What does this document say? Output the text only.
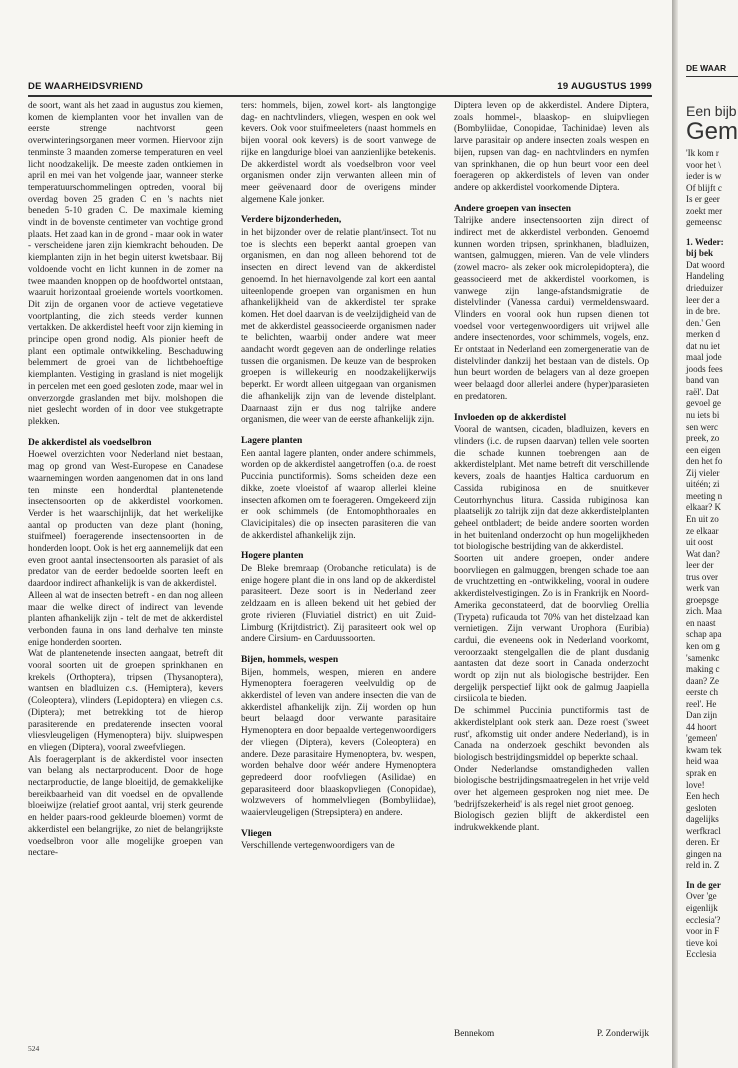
DE WAARHEIDSVRIEND	19 AUGUSTUS 1999

de soort, want als het zaad in augustus zou kiemen, komen de kiemplanten voor het invallen van de eerste strenge nachtvorst geen overwinteringsorganen meer vormen. Hiervoor zijn tenminste 3 maanden zomerse temperaturen en veel licht noodzakelijk. De meeste zaden ontkiemen in april en mei van het volgende jaar, wanneer sterke temperatuurschommelingen optreden, vooral bij overdag boven 25 graden C en 's nachts niet beneden 5-10 graden C. De maximale kieming vindt in de bovenste centimeter van vochtige grond plaats. Het zaad kan in de grond - maar ook in water - verscheidene jaren zijn kiemkracht behouden. De kiemplanten zijn in het begin uiterst kwetsbaar. Bij voldoende vocht en licht kunnen in de zomer na twee maanden knoppen op de hoofdwortel ontstaan, waaruit horizontaal groeiende wortels voortkomen. Dit zijn de organen voor de actieve vegetatieve voortplanting, die zich steeds verder kunnen vertakken. De akkerdistel heeft voor zijn kieming in principe open grond nodig. Als pionier heeft de plant een optimale ontwikkeling. Beschaduwing belemmert de groei van de lichtbehoeftige kiemplanten. Vestiging in grasland is niet mogelijk in percelen met een goed gesloten zode, maar wel in onverzorgde graslanden met bijv. molshopen die niet geslecht worden of in door vee stukgetrapte plekken.

De akkerdistel als voedselbron

Hoewel overzichten voor Nederland niet bestaan, mag op grond van West-Europese en Canadese waarnemingen worden aangenomen dat in ons land ten minste een honderdtal plantenetende insectensoorten op de akkerdistel voorkomen. Verder is het waarschijnlijk, dat het werkelijke aantal op producten van deze plant (honing, stuifmeel) foeragerende insectensoorten in de honderden loopt. Ook is het erg aannemelijk dat een even groot aantal insectensoorten als parasiet of als predator van de eerder bedoelde soorten leeft en daardoor indirect afhankelijk is van de akkerdistel.

Alleen al wat de insecten betreft - en dan nog alleen maar die welke direct of indirect van levende planten afhankelijk zijn - telt de met de akkerdistel verbonden fauna in ons land derhalve ten minste enige honderden soorten.

Wat de plantenetende insecten aangaat, betreft dit vooral soorten uit de groepen sprinkhanen en krekels (Orthoptera), tripsen (Thysanoptera), wantsen en bladluizen c.s. (Hemiptera), kevers (Coleoptera), vlinders (Lepidoptera) en vliegen c.s. (Diptera); met betrekking tot de hierop parasiterende en predaterende insecten vooral vliesvleugeligen (Hymenoptera) bijv. sluipwespen en vliegen (Diptera), vooral zweefvliegen.

Als foeragerplant is de akkerdistel voor insecten van belang als nectarproducent. Door de hoge nectarproductie, de lange bloeitijd, de gemakkelijke bereikbaarheid van dit voedsel en de opvallende bloeiwijze (relatief groot aantal, vrij sterk geurende en helder paars-rood gekleurde bloemen) vormt de akkerdistel een belangrijke, zo niet de belangrijkste voedselbron voor alle mogelijke groepen van nectare-

ters: hommels, bijen, zowel kort- als langtongige dag- en nachtvlinders, vliegen, wespen en ook wel kevers. Ook voor stuifmeeleters (naast hommels en bijen vooral ook kevers) is de soort vanwege de rijke en langdurige bloei van aanzienlijke betekenis. De akkerdistel wordt als voedselbron voor veel organismen onder zijn verwanten alleen min of meer geëvenaard door de overigens minder algemene Kale jonker.

Verdere bijzonderheden,

in het bijzonder over de relatie plant/insect. Tot nu toe is slechts een beperkt aantal groepen van organismen, en dan nog alleen behorend tot de insecten en direct levend van de akkerdistel genoemd. In het hiernavolgende zal kort een aantal uiteenlopende groepen van organismen en hun afhankelijkheid van de akkerdistel ter sprake komen. Het doel daarvan is de veelzijdigheid van de met de akkerdistel geassocieerde organismen nader te belichten, waarbij onder andere wat meer aandacht wordt gegeven aan de onderlinge relaties tussen die organismen. De keuze van de besproken groepen is willekeurig en noodzakelijkerwijs beperkt. Er wordt alleen uitgegaan van organismen die afhankelijk zijn van de levende distelplant. Daarnaast zijn er dus nog talrijke andere organismen, die weer van de eerste afhankelijk zijn.

Lagere planten

Een aantal lagere planten, onder andere schimmels, worden op de akkerdistel aangetroffen (o.a. de roest Puccinia punctiformis). Soms scheiden deze een dikke, zoete vloeistof af waarop allerlei kleine insecten afkomen om te foerageren. Omgekeerd zijn er ook schimmels (de Entomophthoraales en Clavicipitales) die op insecten parasiteren die van de akkerdistel afhankelijk zijn.

Hogere planten

De Bleke bremraap (Orobanche reticulata) is de enige hogere plant die in ons land op de akkerdistel parasiteert. Deze soort is in Nederland zeer zeldzaam en is alleen bekend uit het gebied der grote rivieren (Fluviatiel district) en uit Zuid-Limburg (Krijtdistrict). Zij parasiteert ook wel op andere Cirsium- en Carduussoorten.

Bijen, hommels, wespen

Bijen, hommels, wespen, mieren en andere Hymenoptera foerageren veelvuldig op de akkerdistel of leven van andere insecten die van de akkerdistel afhankelijk zijn. Zij worden op hun beurt belaagd door verwante parasitaire Hymenoptera en door bepaalde vertegenwoordigers der vliegen (Diptera), kevers (Coleoptera) en andere. Deze parasitaire Hymenoptera, bv. wespen, worden behalve door wéér andere Hymenoptera gepredeerd door roofvliegen (Asilidae) en geparasiteerd door blaaskopvliegen (Conopidae), wolzwevers of hommelvliegen (Bombyliidae), waaiervleugeligen (Strepsiptera) en andere.

Vliegen

Verschillende vertegenwoordigers van de

Diptera leven op de akkerdistel. Andere Diptera, zoals hommel-, blaaskop- en sluipvliegen (Bombyliidae, Conopidae, Tachinidae) leven als larve parasitair op andere insecten zoals wespen en bijen, rupsen van dag- en nachtvlinders en nymfen van sprinkhanen, die op hun beurt voor een deel foerageren op akkerdistels of leven van onder andere op akkerdistel voorkomende Diptera.

Andere groepen van insecten

Talrijke andere insectensoorten zijn direct of indirect met de akkerdistel verbonden. Genoemd kunnen worden tripsen, sprinkhanen, bladluizen, wantsen, galmuggen, mieren. Van de vele vlinders (zowel macro- als zeker ook microlepidoptera), die geassocieerd met de akkerdistel voorkomen, is vanwege zijn lange-afstandsmigratie de distelvlinder (Vanessa cardui) vermeldenswaard. Vlinders en vooral ook hun rupsen dienen tot voedsel voor vertegenwoordigers uit vrijwel alle andere insectenordes, voor schimmels, vogels, enz. Er ontstaat in Nederland een zomergeneratie van de distelvlinder dankzij het bestaan van de distels. Op hun beurt worden de belagers van al deze groepen weer belaagd door allerlei andere (hyper)parasieten en predatoren.

Invloeden op de akkerdistel

Vooral de wantsen, cicaden, bladluizen, kevers en vlinders (i.c. de rupsen daarvan) tellen vele soorten die schade kunnen toebrengen aan de akkerdistelplant. Met name betreft dit verschillende kevers, zoals de haantjes Haltica carduorum en Cassida rubiginosa en de snuitkever Ceutorrhynchus litura. Cassida rubiginosa kan plaatselijk zo talrijk zijn dat deze akkerdistelplanten geheel ontbladert; de beide andere soorten worden in het buitenland onderzocht op hun mogelijkheden tot biologische bestrijding van de akkerdistel.

Soorten uit andere groepen, onder andere boorvliegen en galmuggen, brengen schade toe aan de vruchtzetting en -ontwikkeling, vooral in oudere akkerdistelvestigingen. Zo is in Frankrijk en Noord-Amerika geconstateerd, dat de boorvlieg Orellia (Trypeta) ruficauda tot 70% van het distelzaad kan vernietigen. Zijn verwant Urophora (Euribia) cardui, die eveneens ook in Nederland voorkomt, veroorzaakt stengelgallen die de plant dusdanig aantasten dat deze soort in Canada onderzocht wordt op zijn nut als biologische bestrijder. Een dergelijk perspectief lijkt ook de galmug Jaapiella cirsiicola te bieden.

De schimmel Puccinia punctiformis tast de akkerdistelplant ook sterk aan. Deze roest ('sweet rust', afkomstig uit onder andere Nederland), is in Canada na onderzoek geschikt bevonden als biologisch bestrijdingsmiddel op beperkte schaal.

Onder Nederlandse omstandigheden vallen biologische bestrijdingsmaatregelen in het vrije veld over het algemeen gesproken nog niet mee. De 'bedrijfszekerheid' is als regel niet groot genoeg.

Biologisch gezien blijft de akkerdistel een indrukwekkende plant.

Bennekom	P. Zonderwijk
524
DE WAAR
Een bijb
Gem
'Ik kom r
voor het \
ieder is w
Of blijft c
Is er geer
zoekt mer
gemeensc
1. Weder:
bij bek
Dat woord
Handeling
drieduizer
leer der a
in de bre.
den.' Gen
merken d
dat nu iet
maal jode
joods fees
band van
raël'. Dat
gevoel ge
nu iets bi
sen werc
preek, zo
een eigen
den het fo
Zij vieler
uitéén; zi
meeting n
elkaar? K
En uit zo
ze elkaar
uit oost
Wat dan?
leer der
trus over
werk van
groepsge
zich. Maa
en naast
schap apa
ken om g
'samenkc
making c
daan? Ze
eerste ch
reel'. He
Dan zijn
44 hoort
'gemeen'
kwam tek
heid waa
sprak en
love!
Een hech
gesloten
dagelijks
werfkracl
deren. Er
gingen na
reld in. Z
In de ger
Over 'ge
eigenlijk
ecclesia'?
voor in F
tieve koi
Ecclesia
